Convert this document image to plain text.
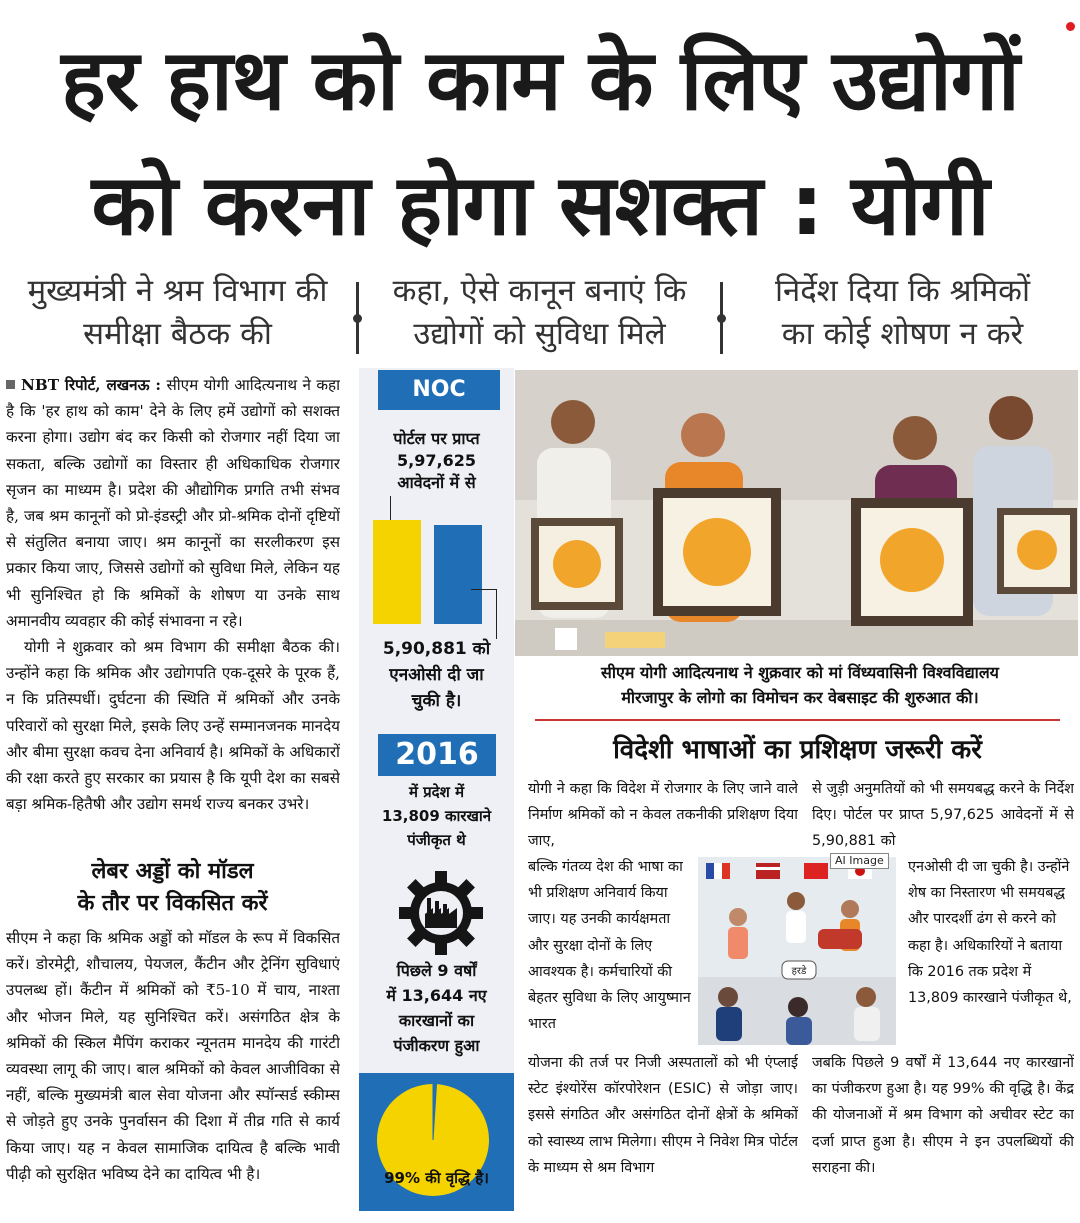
हर हाथ को काम के लिए उद्योगों
को करना होगा सशक्त : योगी
मुख्यमंत्री ने श्रम विभाग की
समीक्षा बैठक की
कहा, ऐसे कानून बनाएं कि
उद्योगों को सुविधा मिले
निर्देश दिया कि श्रमिकों
का कोई शोषण न करे

NBT रिपोर्ट, लखनऊ : सीएम योगी आदित्यनाथ ने कहा है कि 'हर हाथ को काम' देने के लिए हमें उद्योगों को सशक्त करना होगा। उद्योग बंद कर किसी को रोजगार नहीं दिया जा सकता, बल्कि उद्योगों का विस्तार ही अधिकाधिक रोजगार सृजन का माध्यम है। प्रदेश की औद्योगिक प्रगति तभी संभव है, जब श्रम कानूनों को प्रो-इंडस्ट्री और प्रो-श्रमिक दोनों दृष्टियों से संतुलित बनाया जाए। श्रम कानूनों का सरलीकरण इस प्रकार किया जाए, जिससे उद्योगों को सुविधा मिले, लेकिन यह भी सुनिश्चित हो कि श्रमिकों के शोषण या उनके साथ अमानवीय व्यवहार की कोई संभावना न रहे।

योगी ने शुक्रवार को श्रम विभाग की समीक्षा बैठक की। उन्होंने कहा कि श्रमिक और उद्योगपति एक-दूसरे के पूरक हैं, न कि प्रतिस्पर्धी। दुर्घटना की स्थिति में श्रमिकों और उनके परिवारों को सुरक्षा मिले, इसके लिए उन्हें सम्मानजनक मानदेय और बीमा सुरक्षा कवच देना अनिवार्य है। श्रमिकों के अधिकारों की रक्षा करते हुए सरकार का प्रयास है कि यूपी देश का सबसे बड़ा श्रमिक-हितैषी और उद्योग समर्थ राज्य बनकर उभरे।

लेबर अड्डों को मॉडल
के तौर पर विकसित करें
सीएम ने कहा कि श्रमिक अड्डों को मॉडल के रूप में विकसित करें। डोरमेट्री, शौचालय, पेयजल, कैंटीन और ट्रेनिंग सुविधाएं उपलब्ध हों। कैंटीन में श्रमिकों को ₹5-10 में चाय, नाश्ता और भोजन मिले, यह सुनिश्चित करें। असंगठित क्षेत्र के श्रमिकों की स्किल मैपिंग कराकर न्यूनतम मानदेय की गारंटी व्यवस्था लागू की जाए। बाल श्रमिकों को केवल आजीविका से नहीं, बल्कि मुख्यमंत्री बाल सेवा योजना और स्पॉन्सर्ड स्कीम्स से जोड़ते हुए उनके पुनर्वासन की दिशा में तीव्र गति से कार्य किया जाए। यह न केवल सामाजिक दायित्व है बल्कि भावी पीढ़ी को सुरक्षित भविष्य देने का दायित्व भी है।
NOC
पोर्टल पर प्राप्त
5,97,625
आवेदनों में से
5,90,881 को
एनओसी दी जा
चुकी है।
2016
में प्रदेश में
13,809 कारखाने
पंजीकृत थे
पिछले 9 वर्षों
में 13,644 नए
कारखानों का
पंजीकरण हुआ
99% की वृद्धि है।
सीएम योगी आदित्यनाथ ने शुक्रवार को मां विंध्यवासिनी विश्वविद्यालय
मीरजापुर के लोगो का विमोचन कर वेबसाइट की शुरुआत की।
विदेशी भाषाओं का प्रशिक्षण जरूरी करें
योगी ने कहा कि विदेश में रोजगार के लिए जाने वाले निर्माण श्रमिकों को न केवल तकनीकी प्रशिक्षण दिया जाए,
बल्कि गंतव्य देश की भाषा का भी प्रशिक्षण अनिवार्य किया जाए। यह उनकी कार्यक्षमता और सुरक्षा दोनों के लिए आवश्यक है। कर्मचारियों की बेहतर सुविधा के लिए आयुष्मान भारत
योजना की तर्ज पर निजी अस्पतालों को भी एंप्लाई स्टेट इंश्योरेंस कॉरपोरेशन (ESIC) से जोड़ा जाए। इससे संगठित और असंगठित दोनों क्षेत्रों के श्रमिकों को स्वास्थ्य लाभ मिलेगा। सीएम ने निवेश मित्र पोर्टल के माध्यम से श्रम विभाग
से जुड़ी अनुमतियों को भी समयबद्ध करने के निर्देश दिए। पोर्टल पर प्राप्त 5,97,625 आवेदनों में से 5,90,881 को
एनओसी दी जा चुकी है। उन्होंने शेष का निस्तारण भी समयबद्ध और पारदर्शी ढंग से करने को कहा है। अधिकारियों ने बताया कि 2016 तक प्रदेश में 13,809 कारखाने पंजीकृत थे,
जबकि पिछले 9 वर्षों में 13,644 नए कारखानों का पंजीकरण हुआ है। यह 99% की वृद्धि है। केंद्र की योजनाओं में श्रम विभाग को अचीवर स्टेट का दर्जा प्राप्त हुआ है। सीएम ने इन उपलब्धियों की सराहना की।
हरडे
AI Image
